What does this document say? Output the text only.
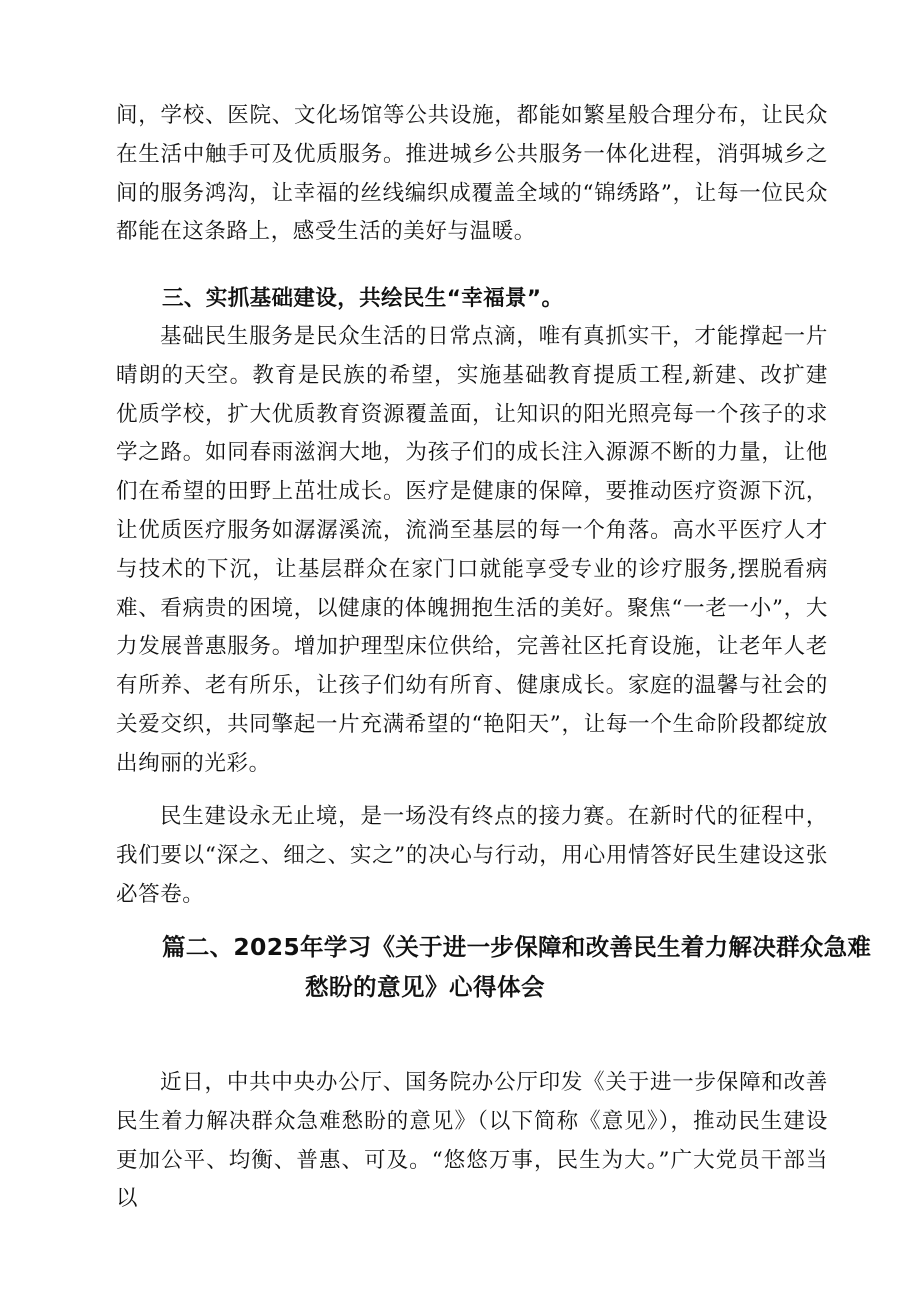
间，学校、医院、文化场馆等公共设施，都能如繁星般合理分布，让民众在生活中触手可及优质服务。推进城乡公共服务一体化进程，消弭城乡之间的服务鸿沟，让幸福的丝线编织成覆盖全域的“锦绣路”，让每一位民众都能在这条路上，感受生活的美好与温暖。

三、实抓基础建设，共绘民生“幸福景”。

基础民生服务是民众生活的日常点滴，唯有真抓实干，才能撑起一片晴朗的天空。教育是民族的希望，实施基础教育提质工程,新建、改扩建优质学校，扩大优质教育资源覆盖面，让知识的阳光照亮每一个孩子的求学之路。如同春雨滋润大地，为孩子们的成长注入源源不断的力量，让他们在希望的田野上茁壮成长。医疗是健康的保障，要推动医疗资源下沉，让优质医疗服务如潺潺溪流，流淌至基层的每一个角落。高水平医疗人才与技术的下沉，让基层群众在家门口就能享受专业的诊疗服务,摆脱看病难、看病贵的困境，以健康的体魄拥抱生活的美好。聚焦“一老一小”，大力发展普惠服务。增加护理型床位供给，完善社区托育设施，让老年人老有所养、老有所乐，让孩子们幼有所育、健康成长。家庭的温馨与社会的关爱交织，共同擎起一片充满希望的“艳阳天”，让每一个生命阶段都绽放出绚丽的光彩。

民生建设永无止境，是一场没有终点的接力赛。在新时代的征程中，我们要以“深之、细之、实之”的决心与行动，用心用情答好民生建设这张必答卷。

篇二、2025年学习《关于进一步保障和改善民生着力解决群众急难
愁盼的意见》心得体会

近日，中共中央办公厅、国务院办公厅印发《关于进一步保障和改善民生着力解决群众急难愁盼的意见》（以下简称《意见》），推动民生建设更加公平、均衡、普惠、可及。“悠悠万事，民生为大。”广大党员干部当以
